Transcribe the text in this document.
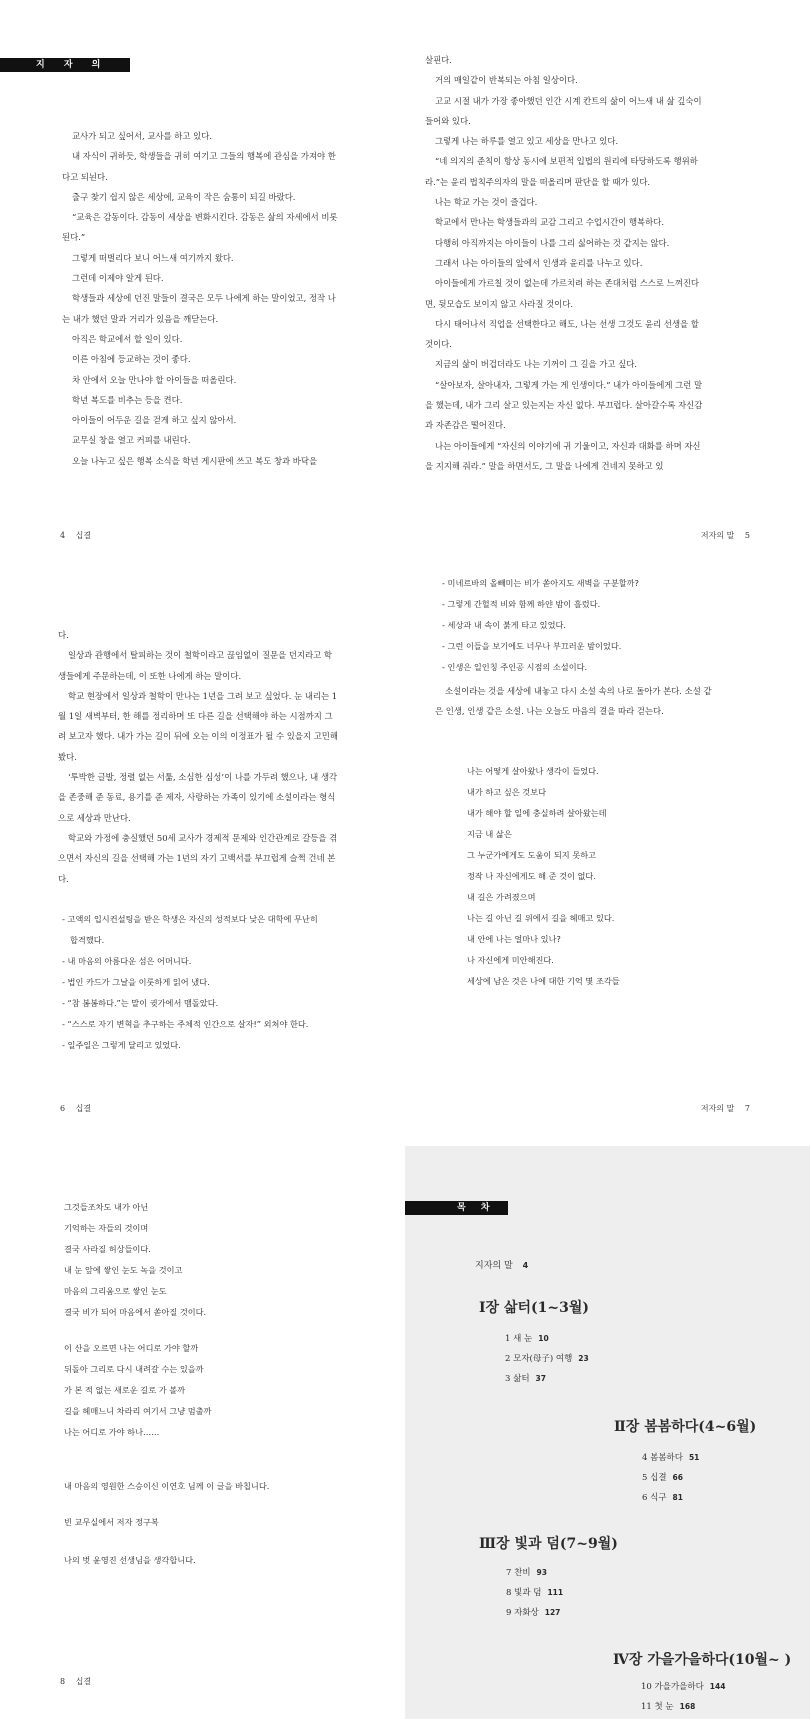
지 자 의 말

교사가 되고 싶어서, 교사를 하고 있다.

내 자식이 귀하듯, 학생들을 귀히 여기고 그들의 행복에 관심을 가져야 한다고 되뇐다.

출구 찾기 쉽지 않은 세상에, 교육이 작은 숨통이 되길 바랐다.

“교육은 감동이다. 감동이 세상을 변화시킨다. 감동은 삶의 자세에서 비롯된다.”

그렇게 떠벌리다 보니 어느새 여기까지 왔다.

그런데 이제야 알게 된다.

학생들과 세상에 던진 말들이 결국은 모두 나에게 하는 말이었고, 정작 나는 내가 했던 말과 거리가 있음을 깨닫는다.

아직은 학교에서 할 일이 있다.

이른 아침에 등교하는 것이 좋다.

차 안에서 오늘 만나야 할 아이들을 떠올린다.

학년 복도를 비추는 등을 켠다.

아이들이 어두운 길을 걷게 하고 싶지 않아서.

교무실 창을 열고 커피를 내린다.

오늘 나누고 싶은 행복 소식을 학년 게시판에 쓰고 복도 창과 바닥을

4 십결

살핀다.

거의 매일같이 반복되는 아침 일상이다.

고교 시절 내가 가장 좋아했던 인간 시계 칸트의 삶이 어느새 내 삶 깊숙이 들어와 있다.

그렇게 나는 하루를 열고 있고 세상을 만나고 있다.

“네 의지의 준칙이 항상 동시에 보편적 입법의 원리에 타당하도록 행위하라.”는 윤리 법칙주의자의 말을 떠올리며 판단을 할 때가 있다.

나는 학교 가는 것이 즐겁다.

학교에서 만나는 학생들과의 교감 그리고 수업시간이 행복하다.

다행히 아직까지는 아이들이 나를 그리 싫어하는 것 같지는 않다.

그래서 나는 아이들의 앞에서 인생과 윤리를 나누고 있다.

아이들에게 가르칠 것이 없는데 가르치려 하는 존대처럼 스스로 느껴진다면, 뒷모습도 보이지 않고 사라질 것이다.

다시 태어나서 직업을 선택한다고 해도, 나는 선생 그것도 윤리 선생을 할 것이다.

지금의 삶이 버겁더라도 나는 기꺼이 그 길을 가고 싶다.

“살아보자, 살아내자, 그렇게 가는 게 인생이다.” 내가 아이들에게 그런 말을 했는데, 내가 그리 살고 있는지는 자신 없다. 부끄럽다. 살아갈수록 자신감과 자존감은 떨어진다.

나는 아이들에게 “자신의 이야기에 귀 기울이고, 자신과 대화를 하며 자신을 지지해 줘라.” 말을 하면서도, 그 말을 나에게 건네지 못하고 있

저자의 말 5

다.

일상과 관행에서 탈피하는 것이 철학이라고 끊임없이 질문을 던지라고 학생들에게 주문하는데, 이 또한 나에게 하는 말이다.

학교 현장에서 일상과 철학이 만나는 1년을 그려 보고 싶었다. 눈 내리는 1월 1일 새벽부터, 한 해를 정리하며 또 다른 길을 선택해야 하는 시점까지 그려 보고자 했다. 내가 가는 길이 뒤에 오는 이의 이정표가 될 수 있을지 고민해 봤다.

‘투박한 글발, 정렬 없는 서툶, 소심한 심성’이 나를 가두려 했으나, 내 생각을 존중해 준 동료, 용기를 준 제자, 사랑하는 가족이 있기에 소설이라는 형식으로 세상과 만난다.

학교와 가정에 충실했던 50세 교사가 경제적 문제와 인간관계로 갈등을 겪으면서 자신의 길을 선택해 가는 1년의 자기 고백서를 부끄럽게 슬쩍 건네 본다.

- 고액의 입시컨설팅을 받은 학생은 자신의 성적보다 낮은 대학에 무난히
합격했다.
- 내 마음의 아름다운 섬은 어머니다.
- 법인 카드가 그날을 이룻하게 읽어 냈다.
- “참 봄봄하다.”는 말이 귓가에서 맴돌았다.
- “스스로 자기 변혁을 추구하는 주체적 인간으로 살자!” 외쳐야 한다.
- 일주일은 그렇게 달리고 있었다.
6 십결
- 미네르바의 올빼미는 비가 쏟아지도 새벽을 구분할까?
- 그렇게 간헐적 비와 함께 하얀 밤이 흘렀다.
- 세상과 내 속이 붉게 타고 있었다.
- 그런 이들을 보기에도 너무나 부끄러운 밤이었다.
- 인생은 일인칭 주인공 시점의 소설이다.

소설이라는 것을 세상에 내놓고 다시 소설 속의 나로 돌아가 본다. 소설 같은 인생, 인생 같은 소설. 나는 오늘도 마음의 결을 따라 걷는다.

나는 어떻게 살아왔나 생각이 들었다.
내가 하고 싶은 것보다
내가 해야 할 일에 충실하려 살아왔는데
지금 내 삶은
그 누군가에게도 도움이 되지 못하고
정작 나 자신에게도 해 준 것이 없다.
내 길은 가려졌으며
나는 길 아닌 길 위에서 길을 헤매고 있다.
내 안에 나는 얼마나 있나?
나 자신에게 미안해진다.
세상에 남은 것은 나에 대한 기억 몇 조각들
저자의 말 7
그것들조차도 내가 아닌
기억하는 자들의 것이며
결국 사라질 허상들이다.
내 눈 앞에 쌓인 눈도 녹을 것이고
마음의 그리움으로 쌓인 눈도
결국 비가 되어 마음에서 쏟아질 것이다.
이 산을 오르면 나는 어디로 가야 할까
뒤돌아 그리로 다시 내려갈 수는 있을까
가 본 적 없는 새로운 길로 가 볼까
길을 헤매느니 차라리 여기서 그냥 멈출까
나는 어디로 가야 하나……
내 마음의 영원한 스승이신 이연호 님께 이 글을 바칩니다.
빈 교무실에서 저자 정구복
나의 벗 윤영진 선생님을 생각합니다.
8 십결
목 차
지자의 말 4
Ⅰ장 삶터(1~3월)
1 새 눈 10
2 모자(母子) 여행 23
3 삶터 37
Ⅱ장 봄봄하다(4~6월)
4 봄봄하다 51
5 십결 66
6 식구 81
Ⅲ장 빛과 덤(7~9월)
7 찬비 93
8 빛과 덤 111
9 자화상 127
Ⅳ장 가을가을하다(10월~ )
10 가을가을하다 144
11 첫 눈 168
